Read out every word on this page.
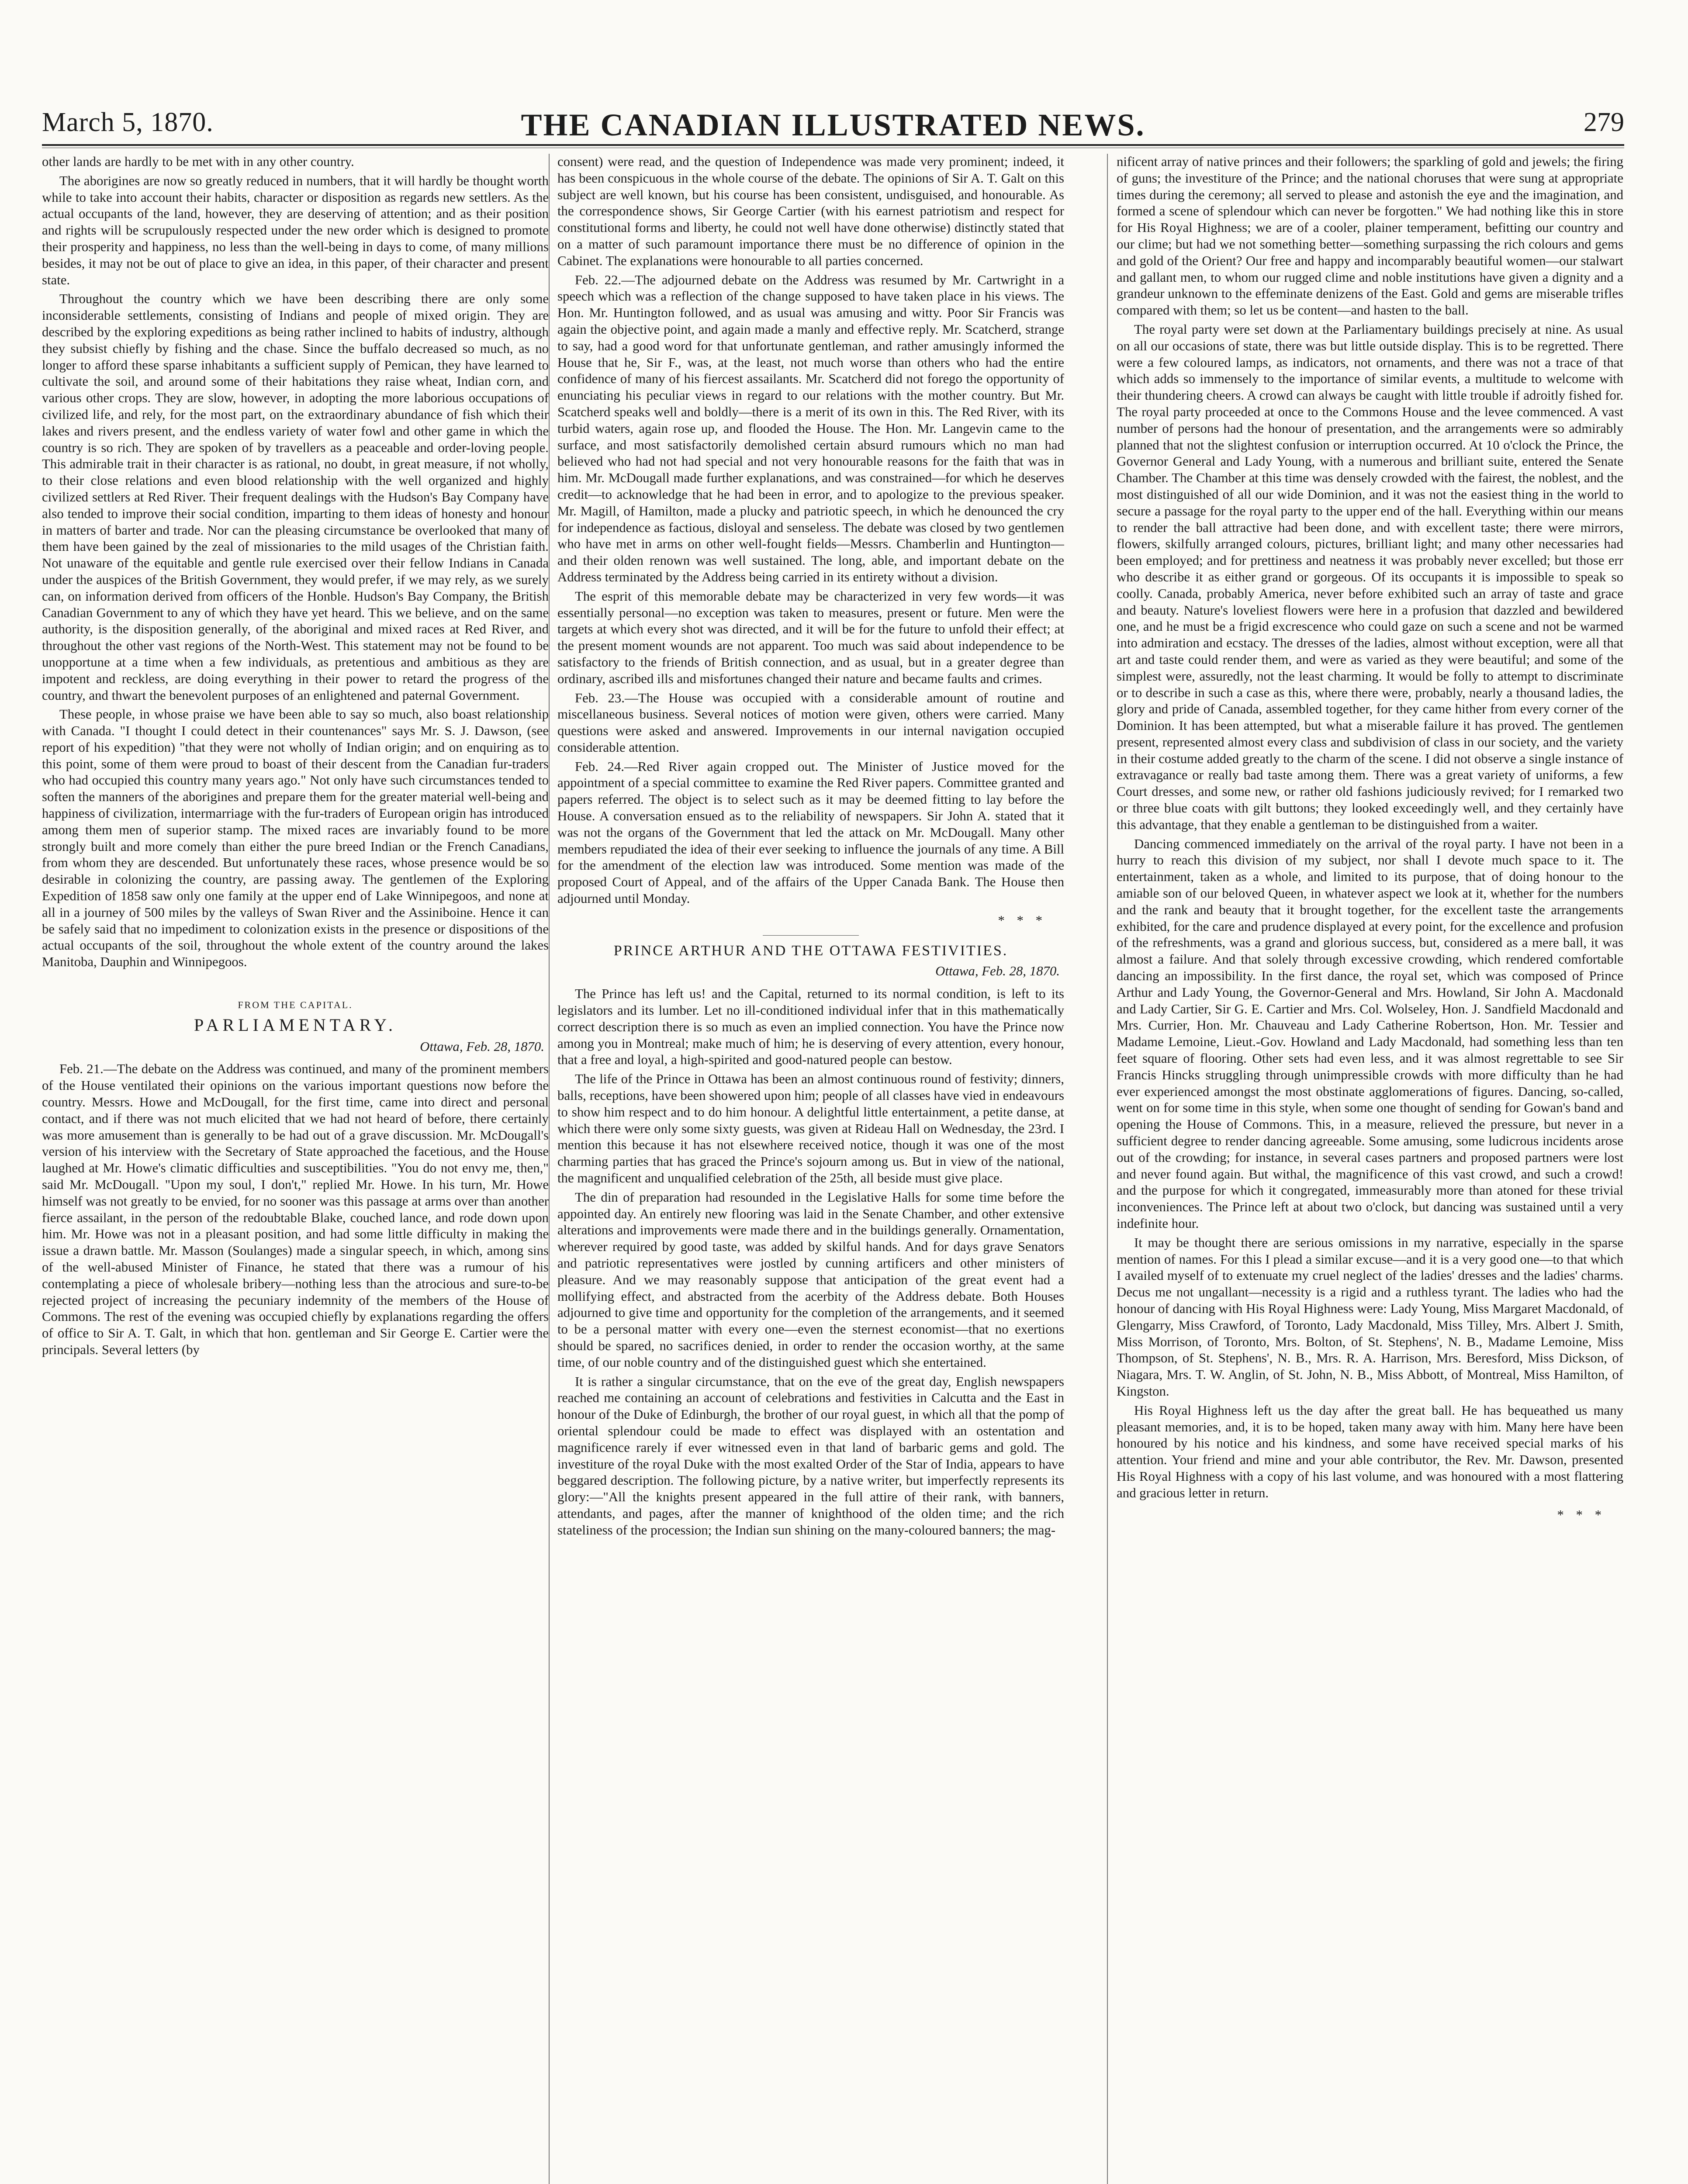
March 5, 1870.	THE CANADIAN ILLUSTRATED NEWS.	279

other lands are hardly to be met with in any other country.

The aborigines are now so greatly reduced in numbers, that it will hardly be thought worth while to take into account their habits, character or disposition as regards new settlers. As the actual occupants of the land, however, they are deserving of attention; and as their position and rights will be scrupulously respected under the new order which is designed to promote their prosperity and happiness, no less than the well-being in days to come, of many millions besides, it may not be out of place to give an idea, in this paper, of their character and present state.

Throughout the country which we have been describing there are only some inconsiderable settlements, consisting of Indians and people of mixed origin. They are described by the exploring expeditions as being rather inclined to habits of industry, although they subsist chiefly by fishing and the chase. Since the buffalo decreased so much, as no longer to afford these sparse inhabitants a sufficient supply of Pemican, they have learned to cultivate the soil, and around some of their habitations they raise wheat, Indian corn, and various other crops. They are slow, however, in adopting the more laborious occupations of civilized life, and rely, for the most part, on the extraordinary abundance of fish which their lakes and rivers present, and the endless variety of water fowl and other game in which the country is so rich. They are spoken of by travellers as a peaceable and order-loving people. This admirable trait in their character is as rational, no doubt, in great measure, if not wholly, to their close relations and even blood relationship with the well organized and highly civilized settlers at Red River. Their frequent dealings with the Hudson's Bay Company have also tended to improve their social condition, imparting to them ideas of honesty and honour in matters of barter and trade. Nor can the pleasing circumstance be overlooked that many of them have been gained by the zeal of missionaries to the mild usages of the Christian faith. Not unaware of the equitable and gentle rule exercised over their fellow Indians in Canada under the auspices of the British Government, they would prefer, if we may rely, as we surely can, on information derived from officers of the Honble. Hudson's Bay Company, the British Canadian Government to any of which they have yet heard. This we believe, and on the same authority, is the disposition generally, of the aboriginal and mixed races at Red River, and throughout the other vast regions of the North-West. This statement may not be found to be unopportune at a time when a few individuals, as pretentious and ambitious as they are impotent and reckless, are doing everything in their power to retard the progress of the country, and thwart the benevolent purposes of an enlightened and paternal Government.

These people, in whose praise we have been able to say so much, also boast relationship with Canada. "I thought I could detect in their countenances" says Mr. S. J. Dawson, (see report of his expedition) "that they were not wholly of Indian origin; and on enquiring as to this point, some of them were proud to boast of their descent from the Canadian fur-traders who had occupied this country many years ago." Not only have such circumstances tended to soften the manners of the aborigines and prepare them for the greater material well-being and happiness of civilization, intermarriage with the fur-traders of European origin has introduced among them men of superior stamp. The mixed races are invariably found to be more strongly built and more comely than either the pure breed Indian or the French Canadians, from whom they are descended. But unfortunately these races, whose presence would be so desirable in colonizing the country, are passing away. The gentlemen of the Exploring Expedition of 1858 saw only one family at the upper end of Lake Winnipegoos, and none at all in a journey of 500 miles by the valleys of Swan River and the Assiniboine. Hence it can be safely said that no impediment to colonization exists in the presence or dispositions of the actual occupants of the soil, throughout the whole extent of the country around the lakes Manitoba, Dauphin and Winnipegoos.

FROM THE CAPITAL.
PARLIAMENTARY.
Ottawa, Feb. 28, 1870.

Feb. 21.—The debate on the Address was continued, and many of the prominent members of the House ventilated their opinions on the various important questions now before the country. Messrs. Howe and McDougall, for the first time, came into direct and personal contact, and if there was not much elicited that we had not heard of before, there certainly was more amusement than is generally to be had out of a grave discussion. Mr. McDougall's version of his interview with the Secretary of State approached the facetious, and the House laughed at Mr. Howe's climatic difficulties and susceptibilities. "You do not envy me, then," said Mr. McDougall. "Upon my soul, I don't," replied Mr. Howe. In his turn, Mr. Howe himself was not greatly to be envied, for no sooner was this passage at arms over than another fierce assailant, in the person of the redoubtable Blake, couched lance, and rode down upon him. Mr. Howe was not in a pleasant position, and had some little difficulty in making the issue a drawn battle. Mr. Masson (Soulanges) made a singular speech, in which, among sins of the well-abused Minister of Finance, he stated that there was a rumour of his contemplating a piece of wholesale bribery—nothing less than the atrocious and sure-to-be rejected project of increasing the pecuniary indemnity of the members of the House of Commons. The rest of the evening was occupied chiefly by explanations regarding the offers of office to Sir A. T. Galt, in which that hon. gentleman and Sir George E. Cartier were the principals. Several letters (by

consent) were read, and the question of Independence was made very prominent; indeed, it has been conspicuous in the whole course of the debate. The opinions of Sir A. T. Galt on this subject are well known, but his course has been consistent, undisguised, and honourable. As the correspondence shows, Sir George Cartier (with his earnest patriotism and respect for constitutional forms and liberty, he could not well have done otherwise) distinctly stated that on a matter of such paramount importance there must be no difference of opinion in the Cabinet. The explanations were honourable to all parties concerned.

Feb. 22.—The adjourned debate on the Address was resumed by Mr. Cartwright in a speech which was a reflection of the change supposed to have taken place in his views. The Hon. Mr. Huntington followed, and as usual was amusing and witty. Poor Sir Francis was again the objective point, and again made a manly and effective reply. Mr. Scatcherd, strange to say, had a good word for that unfortunate gentleman, and rather amusingly informed the House that he, Sir F., was, at the least, not much worse than others who had the entire confidence of many of his fiercest assailants. Mr. Scatcherd did not forego the opportunity of enunciating his peculiar views in regard to our relations with the mother country. But Mr. Scatcherd speaks well and boldly—there is a merit of its own in this. The Red River, with its turbid waters, again rose up, and flooded the House. The Hon. Mr. Langevin came to the surface, and most satisfactorily demolished certain absurd rumours which no man had believed who had not had special and not very honourable reasons for the faith that was in him. Mr. McDougall made further explanations, and was constrained—for which he deserves credit—to acknowledge that he had been in error, and to apologize to the previous speaker. Mr. Magill, of Hamilton, made a plucky and patriotic speech, in which he denounced the cry for independence as factious, disloyal and senseless. The debate was closed by two gentlemen who have met in arms on other well-fought fields—Messrs. Chamberlin and Huntington—and their olden renown was well sustained. The long, able, and important debate on the Address terminated by the Address being carried in its entirety without a division.

The esprit of this memorable debate may be characterized in very few words—it was essentially personal—no exception was taken to measures, present or future. Men were the targets at which every shot was directed, and it will be for the future to unfold their effect; at the present moment wounds are not apparent. Too much was said about independence to be satisfactory to the friends of British connection, and as usual, but in a greater degree than ordinary, ascribed ills and misfortunes changed their nature and became faults and crimes.

Feb. 23.—The House was occupied with a considerable amount of routine and miscellaneous business. Several notices of motion were given, others were carried. Many questions were asked and answered. Improvements in our internal navigation occupied considerable attention.

Feb. 24.—Red River again cropped out. The Minister of Justice moved for the appointment of a special committee to examine the Red River papers. Committee granted and papers referred. The object is to select such as it may be deemed fitting to lay before the House. A conversation ensued as to the reliability of newspapers. Sir John A. stated that it was not the organs of the Government that led the attack on Mr. McDougall. Many other members repudiated the idea of their ever seeking to influence the journals of any time. A Bill for the amendment of the election law was introduced. Some mention was made of the proposed Court of Appeal, and of the affairs of the Upper Canada Bank. The House then adjourned until Monday.

* * *
PRINCE ARTHUR AND THE OTTAWA FESTIVITIES.
Ottawa, Feb. 28, 1870.

The Prince has left us! and the Capital, returned to its normal condition, is left to its legislators and its lumber. Let no ill-conditioned individual infer that in this mathematically correct description there is so much as even an implied connection. You have the Prince now among you in Montreal; make much of him; he is deserving of every attention, every honour, that a free and loyal, a high-spirited and good-natured people can bestow.

The life of the Prince in Ottawa has been an almost continuous round of festivity; dinners, balls, receptions, have been showered upon him; people of all classes have vied in endeavours to show him respect and to do him honour. A delightful little entertainment, a petite danse, at which there were only some sixty guests, was given at Rideau Hall on Wednesday, the 23rd. I mention this because it has not elsewhere received notice, though it was one of the most charming parties that has graced the Prince's sojourn among us. But in view of the national, the magnificent and unqualified celebration of the 25th, all beside must give place.

The din of preparation had resounded in the Legislative Halls for some time before the appointed day. An entirely new flooring was laid in the Senate Chamber, and other extensive alterations and improvements were made there and in the buildings generally. Ornamentation, wherever required by good taste, was added by skilful hands. And for days grave Senators and patriotic representatives were jostled by cunning artificers and other ministers of pleasure. And we may reasonably suppose that anticipation of the great event had a mollifying effect, and abstracted from the acerbity of the Address debate. Both Houses adjourned to give time and opportunity for the completion of the arrangements, and it seemed to be a personal matter with every one—even the sternest economist—that no exertions should be spared, no sacrifices denied, in order to render the occasion worthy, at the same time, of our noble country and of the distinguished guest which she entertained.

It is rather a singular circumstance, that on the eve of the great day, English newspapers reached me containing an account of celebrations and festivities in Calcutta and the East in honour of the Duke of Edinburgh, the brother of our royal guest, in which all that the pomp of oriental splendour could be made to effect was displayed with an ostentation and magnificence rarely if ever witnessed even in that land of barbaric gems and gold. The investiture of the royal Duke with the most exalted Order of the Star of India, appears to have beggared description. The following picture, by a native writer, but imperfectly represents its glory:—"All the knights present appeared in the full attire of their rank, with banners, attendants, and pages, after the manner of knighthood of the olden time; and the rich stateliness of the procession; the Indian sun shining on the many-coloured banners; the mag-

nificent array of native princes and their followers; the sparkling of gold and jewels; the firing of guns; the investiture of the Prince; and the national choruses that were sung at appropriate times during the ceremony; all served to please and astonish the eye and the imagination, and formed a scene of splendour which can never be forgotten." We had nothing like this in store for His Royal Highness; we are of a cooler, plainer temperament, befitting our country and our clime; but had we not something better—something surpassing the rich colours and gems and gold of the Orient? Our free and happy and incomparably beautiful women—our stalwart and gallant men, to whom our rugged clime and noble institutions have given a dignity and a grandeur unknown to the effeminate denizens of the East. Gold and gems are miserable trifles compared with them; so let us be content—and hasten to the ball.

The royal party were set down at the Parliamentary buildings precisely at nine. As usual on all our occasions of state, there was but little outside display. This is to be regretted. There were a few coloured lamps, as indicators, not ornaments, and there was not a trace of that which adds so immensely to the importance of similar events, a multitude to welcome with their thundering cheers. A crowd can always be caught with little trouble if adroitly fished for. The royal party proceeded at once to the Commons House and the levee commenced. A vast number of persons had the honour of presentation, and the arrangements were so admirably planned that not the slightest confusion or interruption occurred. At 10 o'clock the Prince, the Governor General and Lady Young, with a numerous and brilliant suite, entered the Senate Chamber. The Chamber at this time was densely crowded with the fairest, the noblest, and the most distinguished of all our wide Dominion, and it was not the easiest thing in the world to secure a passage for the royal party to the upper end of the hall. Everything within our means to render the ball attractive had been done, and with excellent taste; there were mirrors, flowers, skilfully arranged colours, pictures, brilliant light; and many other necessaries had been employed; and for prettiness and neatness it was probably never excelled; but those err who describe it as either grand or gorgeous. Of its occupants it is impossible to speak so coolly. Canada, probably America, never before exhibited such an array of taste and grace and beauty. Nature's loveliest flowers were here in a profusion that dazzled and bewildered one, and he must be a frigid excrescence who could gaze on such a scene and not be warmed into admiration and ecstacy. The dresses of the ladies, almost without exception, were all that art and taste could render them, and were as varied as they were beautiful; and some of the simplest were, assuredly, not the least charming. It would be folly to attempt to discriminate or to describe in such a case as this, where there were, probably, nearly a thousand ladies, the glory and pride of Canada, assembled together, for they came hither from every corner of the Dominion. It has been attempted, but what a miserable failure it has proved. The gentlemen present, represented almost every class and subdivision of class in our society, and the variety in their costume added greatly to the charm of the scene. I did not observe a single instance of extravagance or really bad taste among them. There was a great variety of uniforms, a few Court dresses, and some new, or rather old fashions judiciously revived; for I remarked two or three blue coats with gilt buttons; they looked exceedingly well, and they certainly have this advantage, that they enable a gentleman to be distinguished from a waiter.

Dancing commenced immediately on the arrival of the royal party. I have not been in a hurry to reach this division of my subject, nor shall I devote much space to it. The entertainment, taken as a whole, and limited to its purpose, that of doing honour to the amiable son of our beloved Queen, in whatever aspect we look at it, whether for the numbers and the rank and beauty that it brought together, for the excellent taste the arrangements exhibited, for the care and prudence displayed at every point, for the excellence and profusion of the refreshments, was a grand and glorious success, but, considered as a mere ball, it was almost a failure. And that solely through excessive crowding, which rendered comfortable dancing an impossibility. In the first dance, the royal set, which was composed of Prince Arthur and Lady Young, the Governor-General and Mrs. Howland, Sir John A. Macdonald and Lady Cartier, Sir G. E. Cartier and Mrs. Col. Wolseley, Hon. J. Sandfield Macdonald and Mrs. Currier, Hon. Mr. Chauveau and Lady Catherine Robertson, Hon. Mr. Tessier and Madame Lemoine, Lieut.-Gov. Howland and Lady Macdonald, had something less than ten feet square of flooring. Other sets had even less, and it was almost regrettable to see Sir Francis Hincks struggling through unimpressible crowds with more difficulty than he had ever experienced amongst the most obstinate agglomerations of figures. Dancing, so-called, went on for some time in this style, when some one thought of sending for Gowan's band and opening the House of Commons. This, in a measure, relieved the pressure, but never in a sufficient degree to render dancing agreeable. Some amusing, some ludicrous incidents arose out of the crowding; for instance, in several cases partners and proposed partners were lost and never found again. But withal, the magnificence of this vast crowd, and such a crowd! and the purpose for which it congregated, immeasurably more than atoned for these trivial inconveniences. The Prince left at about two o'clock, but dancing was sustained until a very indefinite hour.

It may be thought there are serious omissions in my narrative, especially in the sparse mention of names. For this I plead a similar excuse—and it is a very good one—to that which I availed myself of to extenuate my cruel neglect of the ladies' dresses and the ladies' charms. Decus me not ungallant—necessity is a rigid and a ruthless tyrant. The ladies who had the honour of dancing with His Royal Highness were: Lady Young, Miss Margaret Macdonald, of Glengarry, Miss Crawford, of Toronto, Lady Macdonald, Miss Tilley, Mrs. Albert J. Smith, Miss Morrison, of Toronto, Mrs. Bolton, of St. Stephens', N. B., Madame Lemoine, Miss Thompson, of St. Stephens', N. B., Mrs. R. A. Harrison, Mrs. Beresford, Miss Dickson, of Niagara, Mrs. T. W. Anglin, of St. John, N. B., Miss Abbott, of Montreal, Miss Hamilton, of Kingston.

His Royal Highness left us the day after the great ball. He has bequeathed us many pleasant memories, and, it is to be hoped, taken many away with him. Many here have been honoured by his notice and his kindness, and some have received special marks of his attention. Your friend and mine and your able contributor, the Rev. Mr. Dawson, presented His Royal Highness with a copy of his last volume, and was honoured with a most flattering and gracious letter in return.

* * *
